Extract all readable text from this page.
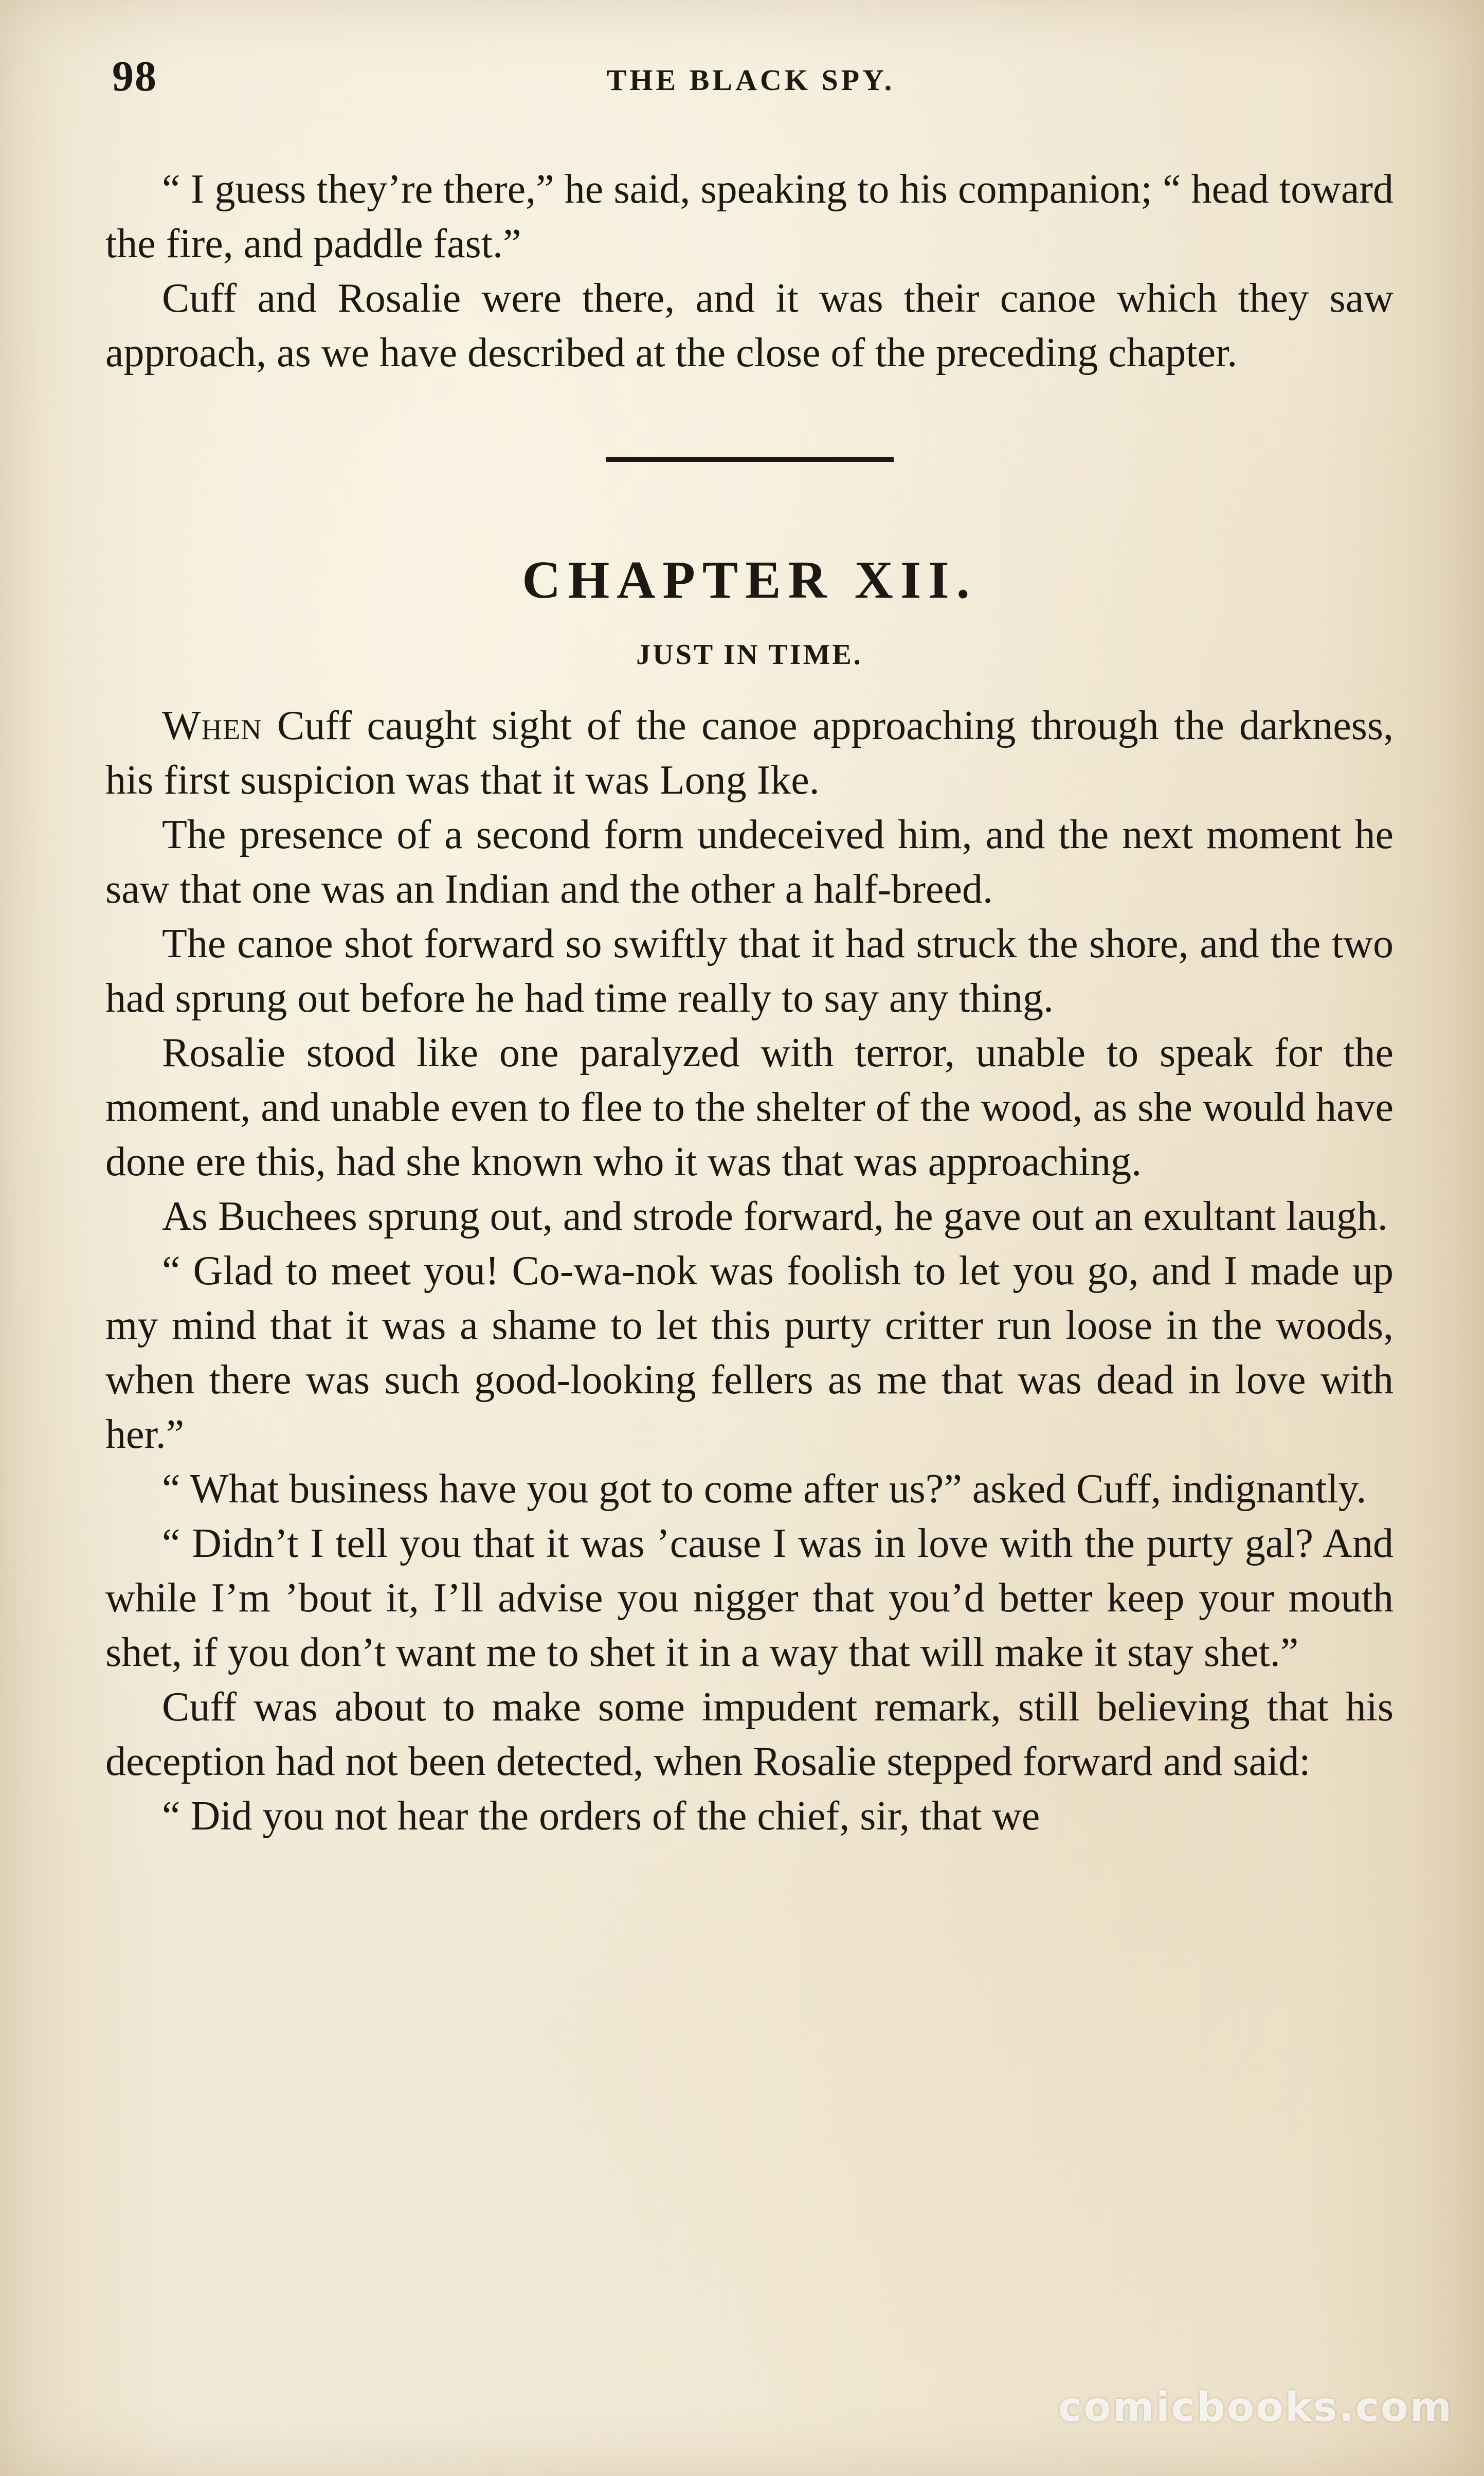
98	THE BLACK SPY.

“ I guess they’re there,” he said, speaking to his companion; “ head toward the fire, and paddle fast.”

Cuff and Rosalie were there, and it was their canoe which they saw approach, as we have described at the close of the preceding chapter.

CHAPTER XII.
JUST IN TIME.

When Cuff caught sight of the canoe approaching through the darkness, his first suspicion was that it was Long Ike.

The presence of a second form undeceived him, and the next moment he saw that one was an Indian and the other a half-breed.

The canoe shot forward so swiftly that it had struck the shore, and the two had sprung out before he had time really to say any thing.

Rosalie stood like one paralyzed with terror, unable to speak for the moment, and unable even to flee to the shelter of the wood, as she would have done ere this, had she known who it was that was approaching.

As Buchees sprung out, and strode forward, he gave out an exultant laugh.

“ Glad to meet you! Co-wa-nok was foolish to let you go, and I made up my mind that it was a shame to let this purty critter run loose in the woods, when there was such good-looking fellers as me that was dead in love with her.”

“ What business have you got to come after us?” asked Cuff, indignantly.

“ Didn’t I tell you that it was ’cause I was in love with the purty gal? And while I’m ’bout it, I’ll advise you nigger that you’d better keep your mouth shet, if you don’t want me to shet it in a way that will make it stay shet.”

Cuff was about to make some impudent remark, still believing that his deception had not been detected, when Rosalie stepped forward and said:

“ Did you not hear the orders of the chief, sir, that we

comicbooks.com
